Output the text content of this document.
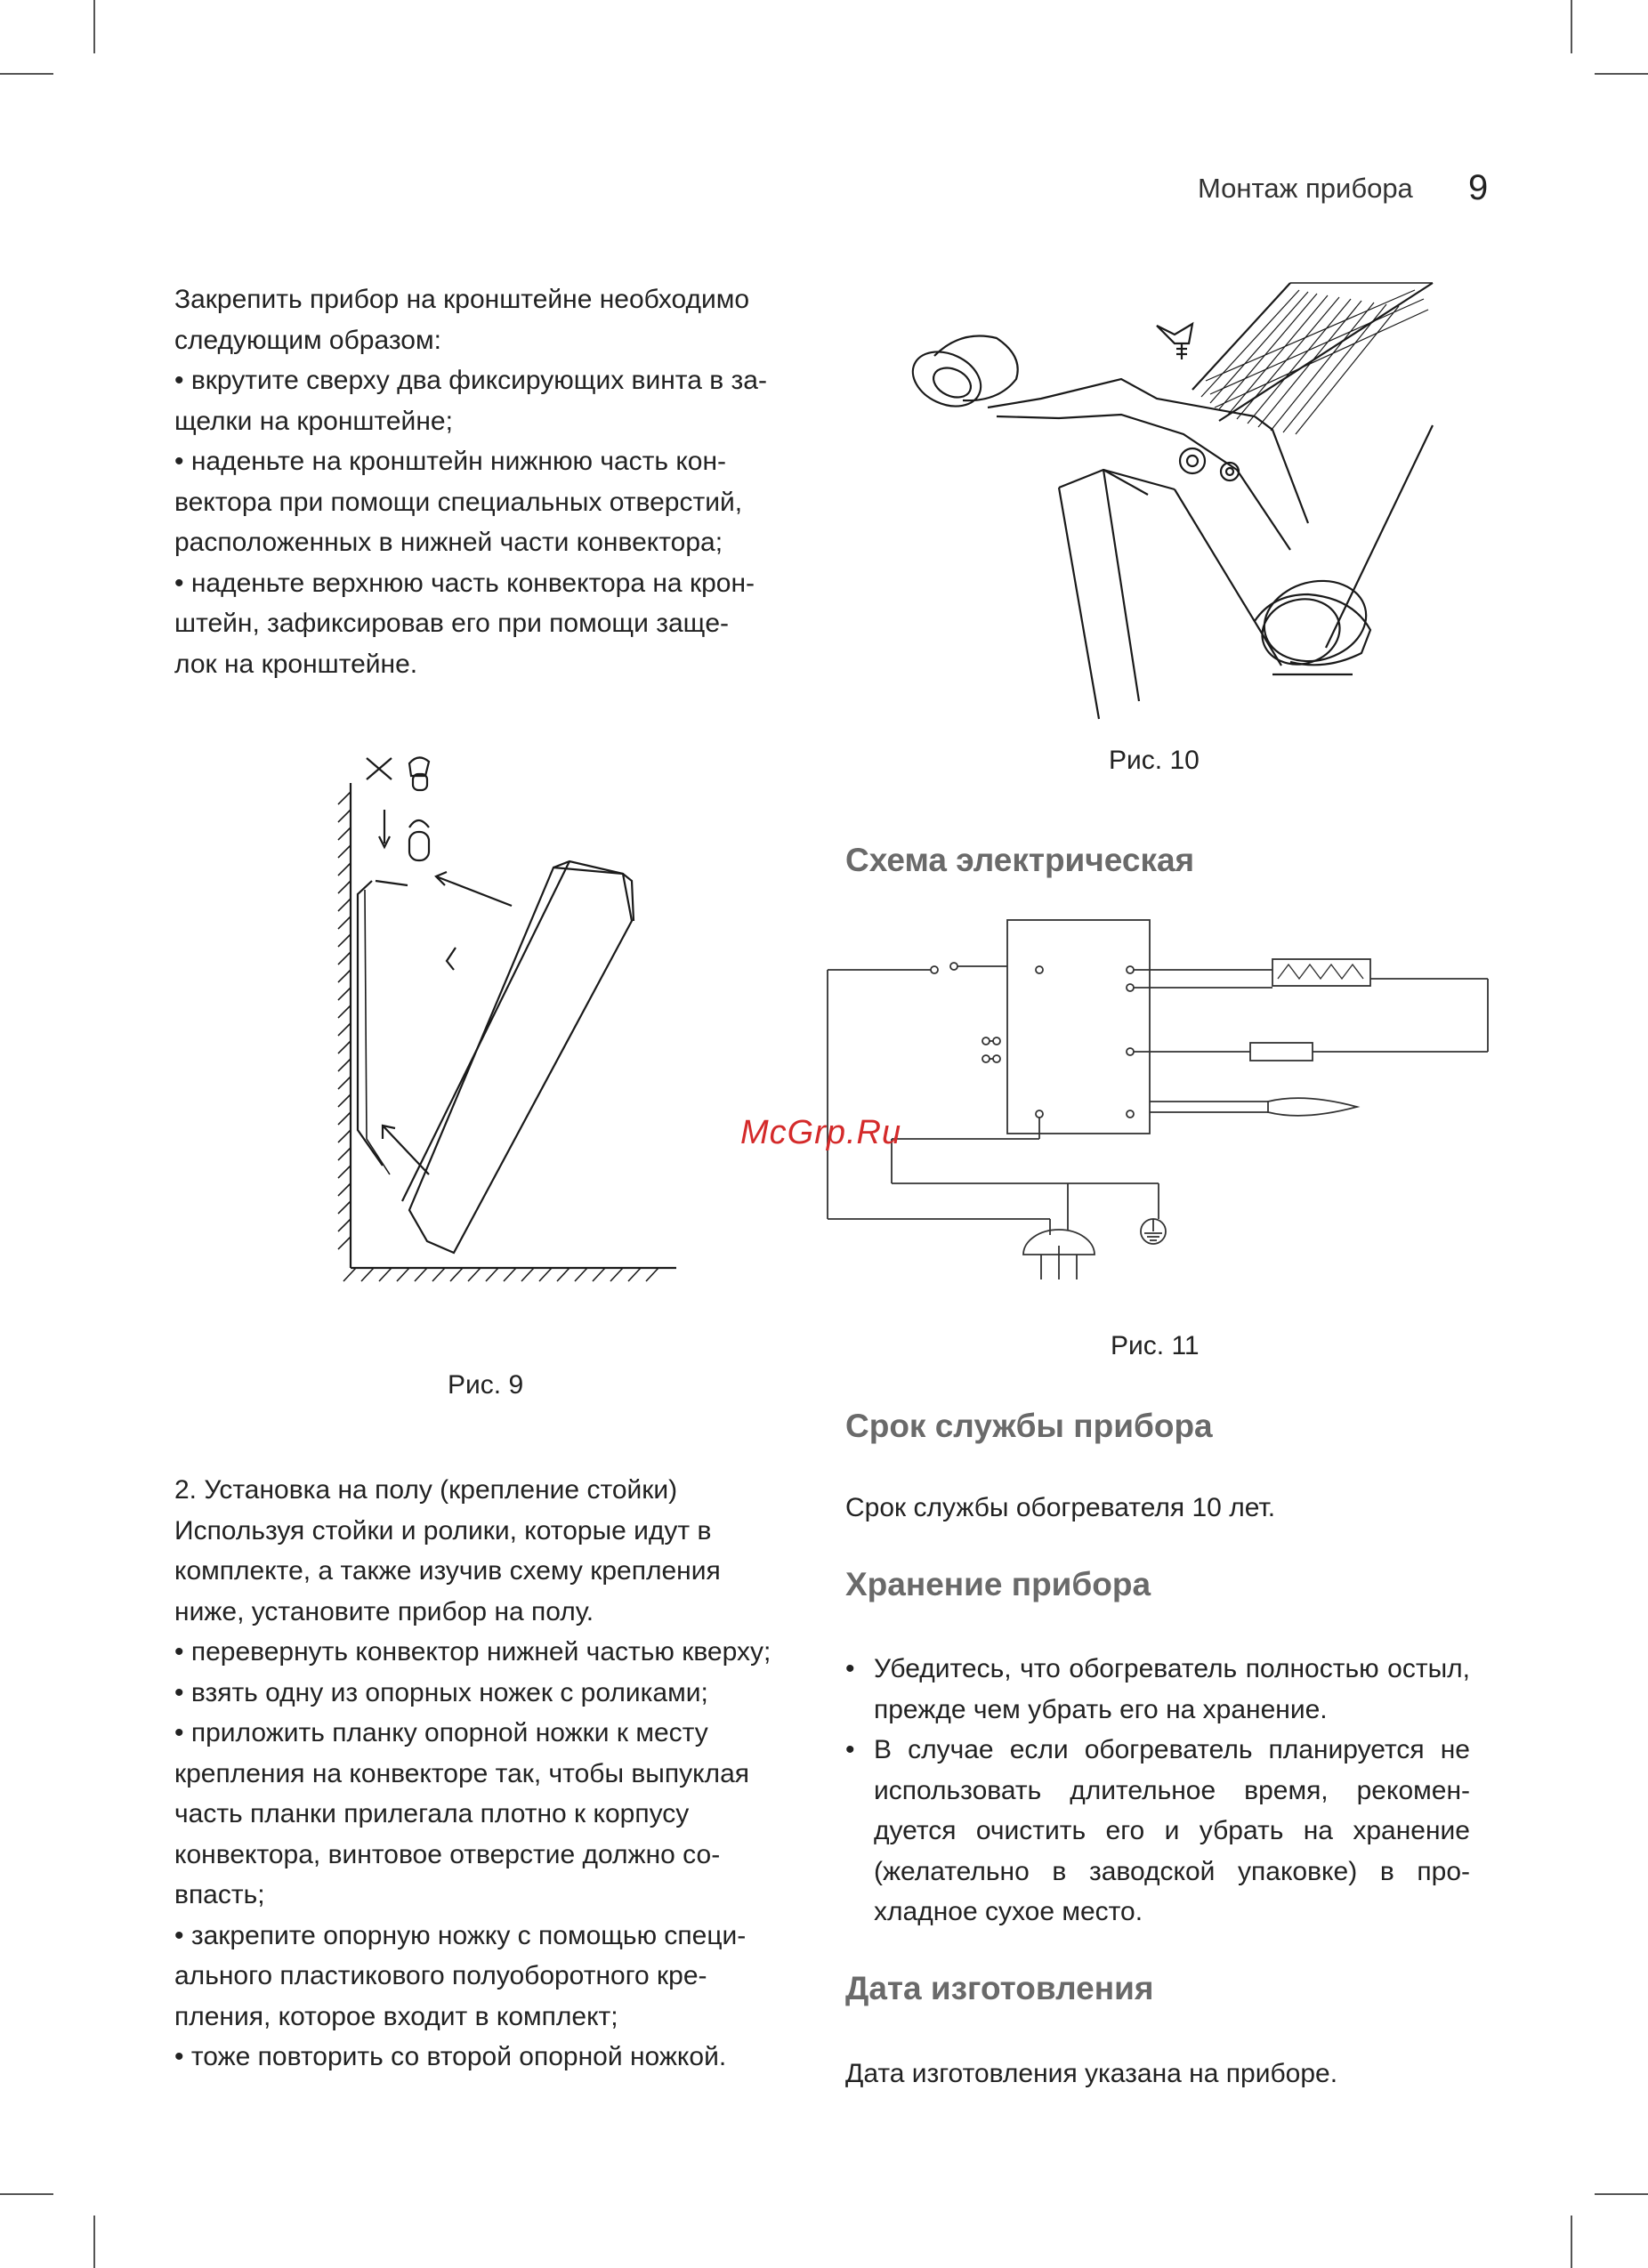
Монтаж прибора 9

Закрепить прибор на кронштейне необходимо

следующим образом:

• вкрутите сверху два фиксирующих винта в за-

щелки на кронштейне;

• наденьте на кронштейн нижнюю часть кон-

вектора при помощи специальных отверстий,

расположенных в нижней части конвектора;

• наденьте верхнюю часть конвектора на крон-

штейн, зафиксировав его при помощи защe-

лок на кронштейне.

Рис. 9

2. Установка на полу (крепление стойки)

Используя стойки и ролики, которые идут в

комплекте, а также изучив схему крепления

ниже, установите прибор на полу.

• перевернуть конвектор нижней частью кверху;

• взять одну из опорных ножек с роликами;

• приложить планку опорной ножки к месту

крепления на конвекторе так, чтобы выпуклая

часть планки прилегала плотно к корпусу

конвектора, винтовое отверстие должно со-

впасть;

• закрепите опорную ножку с помощью специ-

ального пластикового полуоборотного кре-

пления, которое входит в комплект;

• тоже повторить со второй опорной ножкой.

Рис. 10
Схема электрическая
McGrp.Ru
Рис. 11
Срок службы прибора
Срок службы обогревателя 10 лет.
Хранение прибора
• Убедитесь, что обогреватель полностью остыл, прежде чем убрать его на хранение.
• В случае если обогреватель планируется не использовать длительное время, рекомен-дуется очистить его и убрать на хранение (желательно в заводской упаковке) в про-хладное сухое место.
Дата изготовления
Дата изготовления указана на приборе.
